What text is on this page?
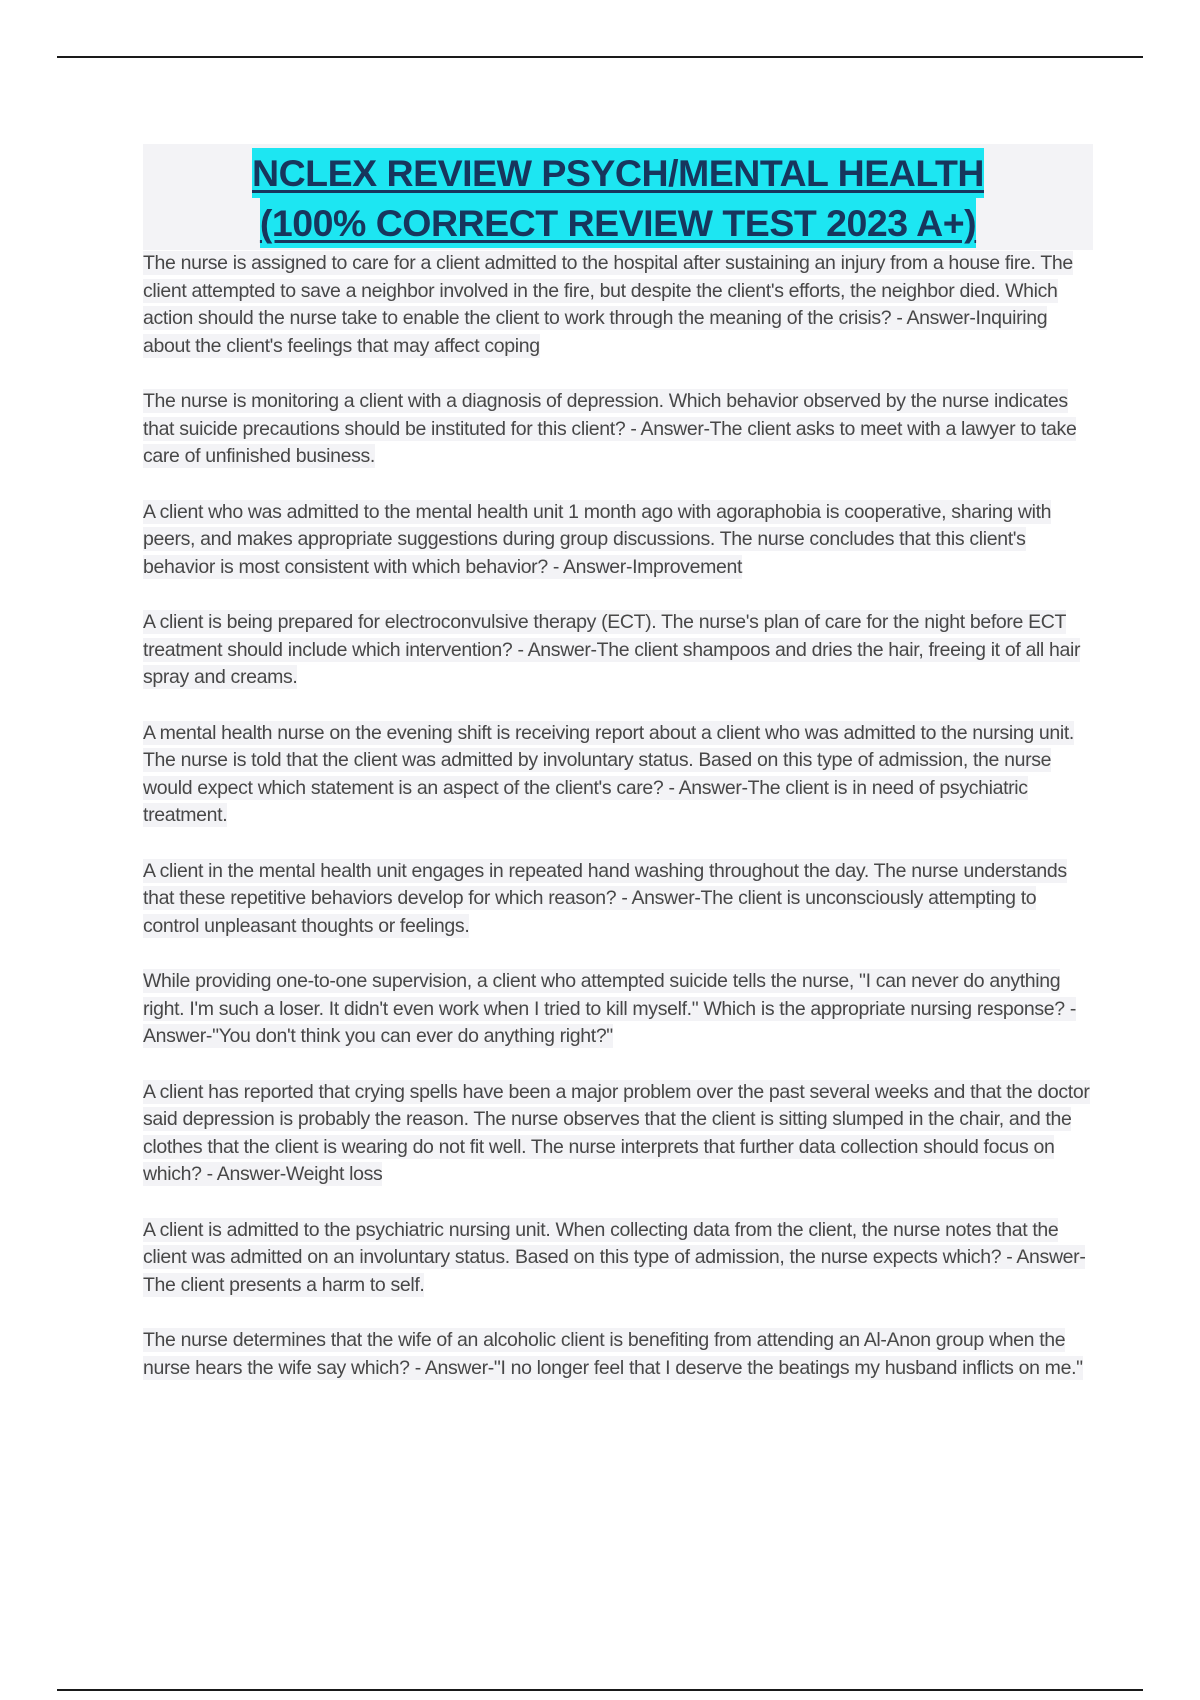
NCLEX REVIEW PSYCH/MENTAL HEALTH
(100% CORRECT REVIEW TEST 2023 A+)

The nurse is assigned to care for a client admitted to the hospital after sustaining an injury from a house fire. The client attempted to save a neighbor involved in the fire, but despite the client's efforts, the neighbor died. Which action should the nurse take to enable the client to work through the meaning of the crisis? - Answer-Inquiring about the client's feelings that may affect coping

The nurse is monitoring a client with a diagnosis of depression. Which behavior observed by the nurse indicates that suicide precautions should be instituted for this client? - Answer-The client asks to meet with a lawyer to take care of unfinished business.

A client who was admitted to the mental health unit 1 month ago with agoraphobia is cooperative, sharing with peers, and makes appropriate suggestions during group discussions. The nurse concludes that this client's behavior is most consistent with which behavior? - Answer-Improvement

A client is being prepared for electroconvulsive therapy (ECT). The nurse's plan of care for the night before ECT treatment should include which intervention? - Answer-The client shampoos and dries the hair, freeing it of all hair spray and creams.

A mental health nurse on the evening shift is receiving report about a client who was admitted to the nursing unit. The nurse is told that the client was admitted by involuntary status. Based on this type of admission, the nurse would expect which statement is an aspect of the client's care? - Answer-The client is in need of psychiatric treatment.

A client in the mental health unit engages in repeated hand washing throughout the day. The nurse understands that these repetitive behaviors develop for which reason? - Answer-The client is unconsciously attempting to control unpleasant thoughts or feelings.

While providing one-to-one supervision, a client who attempted suicide tells the nurse, "I can never do anything right. I'm such a loser. It didn't even work when I tried to kill myself." Which is the appropriate nursing response? - Answer-"You don't think you can ever do anything right?"

A client has reported that crying spells have been a major problem over the past several weeks and that the doctor said depression is probably the reason. The nurse observes that the client is sitting slumped in the chair, and the clothes that the client is wearing do not fit well. The nurse interprets that further data collection should focus on which? - Answer-Weight loss

A client is admitted to the psychiatric nursing unit. When collecting data from the client, the nurse notes that the client was admitted on an involuntary status. Based on this type of admission, the nurse expects which? - Answer-The client presents a harm to self.

The nurse determines that the wife of an alcoholic client is benefiting from attending an Al-Anon group when the nurse hears the wife say which? - Answer-"I no longer feel that I deserve the beatings my husband inflicts on me."
